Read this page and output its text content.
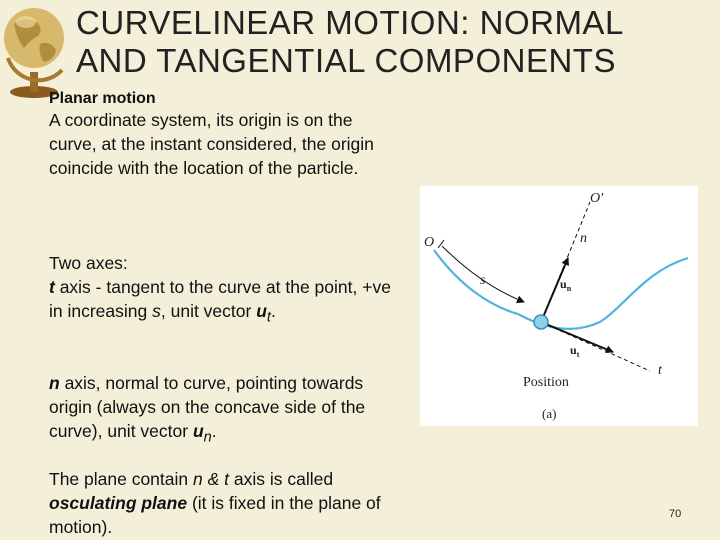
CURVELINEAR MOTION: NORMAL
AND TANGENTIAL COMPONENTS
Planar motion
A coordinate system, its origin is on the curve, at the instant considered, the origin coincide with the location of the particle.
Two axes:
t axis - tangent to the curve at the point, +ve in increasing s, unit vector $u_t$.
n axis, normal to curve, pointing towards origin (always on the concave side of the curve), unit vector $u_n$.
The plane contain n & t axis is called osculating plane (it is fixed in the plane of motion).
O
O′
n
s	$u_n$
$u_t$
t
Position
(a)
70
